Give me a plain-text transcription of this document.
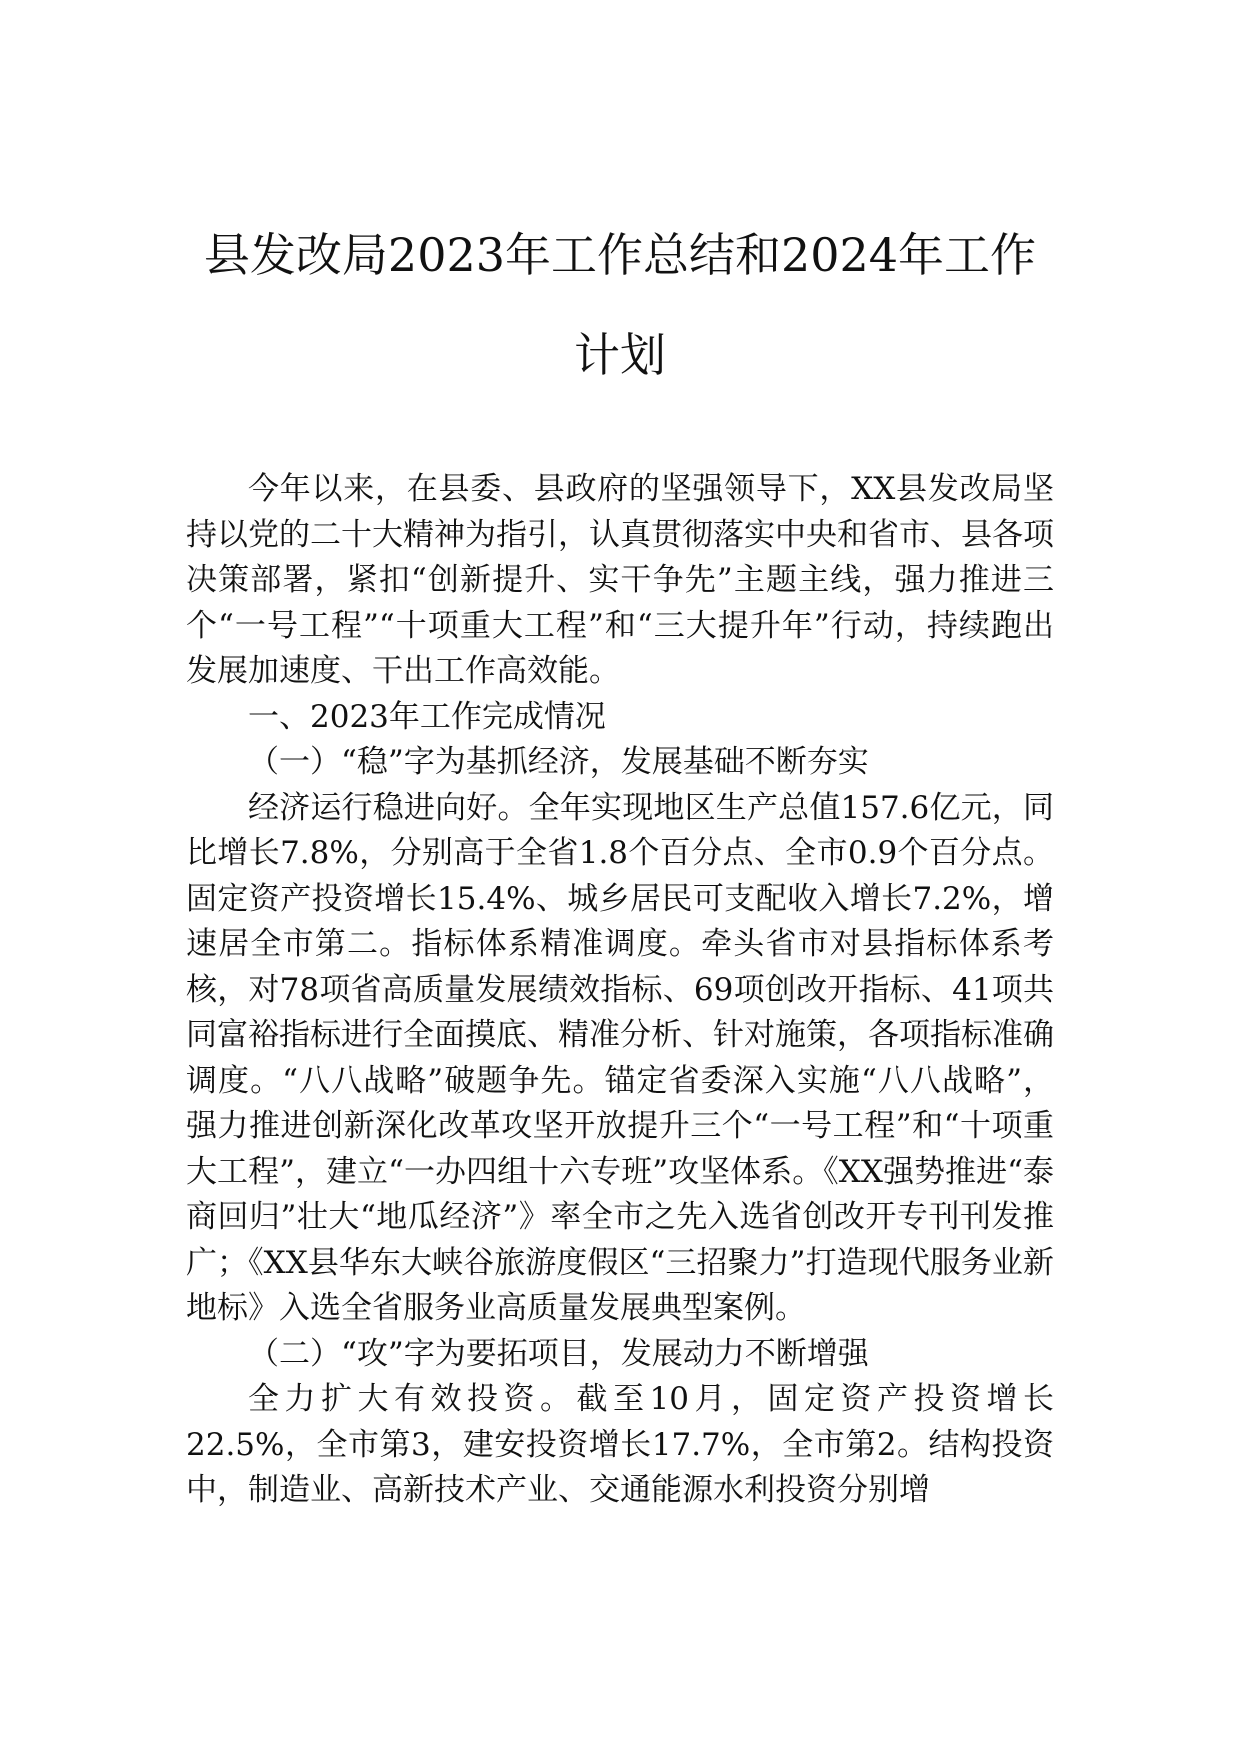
县发改局2023年工作总结和2024年工作计划

今年以来，在县委、县政府的坚强领导下，XX县发改局坚持以党的二十大精神为指引，认真贯彻落实中央和省市、县各项决策部署，紧扣“创新提升、实干争先”主题主线，强力推进三个“一号工程”“十项重大工程”和“三大提升年”行动，持续跑出发展加速度、干出工作高效能。

一、2023年工作完成情况

（一）“稳”字为基抓经济，发展基础不断夯实

经济运行稳进向好。全年实现地区生产总值157.6亿元，同比增长7.8%，分别高于全省1.8个百分点、全市0.9个百分点。固定资产投资增长15.4%、城乡居民可支配收入增长7.2%，增速居全市第二。指标体系精准调度。牵头省市对县指标体系考核，对78项省高质量发展绩效指标、69项创改开指标、41项共同富裕指标进行全面摸底、精准分析、针对施策，各项指标准确调度。“八八战略”破题争先。锚定省委深入实施“八八战略”，强力推进创新深化改革攻坚开放提升三个“一号工程”和“十项重大工程”，建立“一办四组十六专班”攻坚体系。《XX强势推进“泰商回归”壮大“地瓜经济”》率全市之先入选省创改开专刊刊发推广；《XX县华东大峡谷旅游度假区“三招聚力”打造现代服务业新地标》入选全省服务业高质量发展典型案例。

（二）“攻”字为要拓项目，发展动力不断增强

全力扩大有效投资。截至10月，固定资产投资增长22.5%，全市第3，建安投资增长17.7%，全市第2。结构投资中，制造业、高新技术产业、交通能源水利投资分别增
